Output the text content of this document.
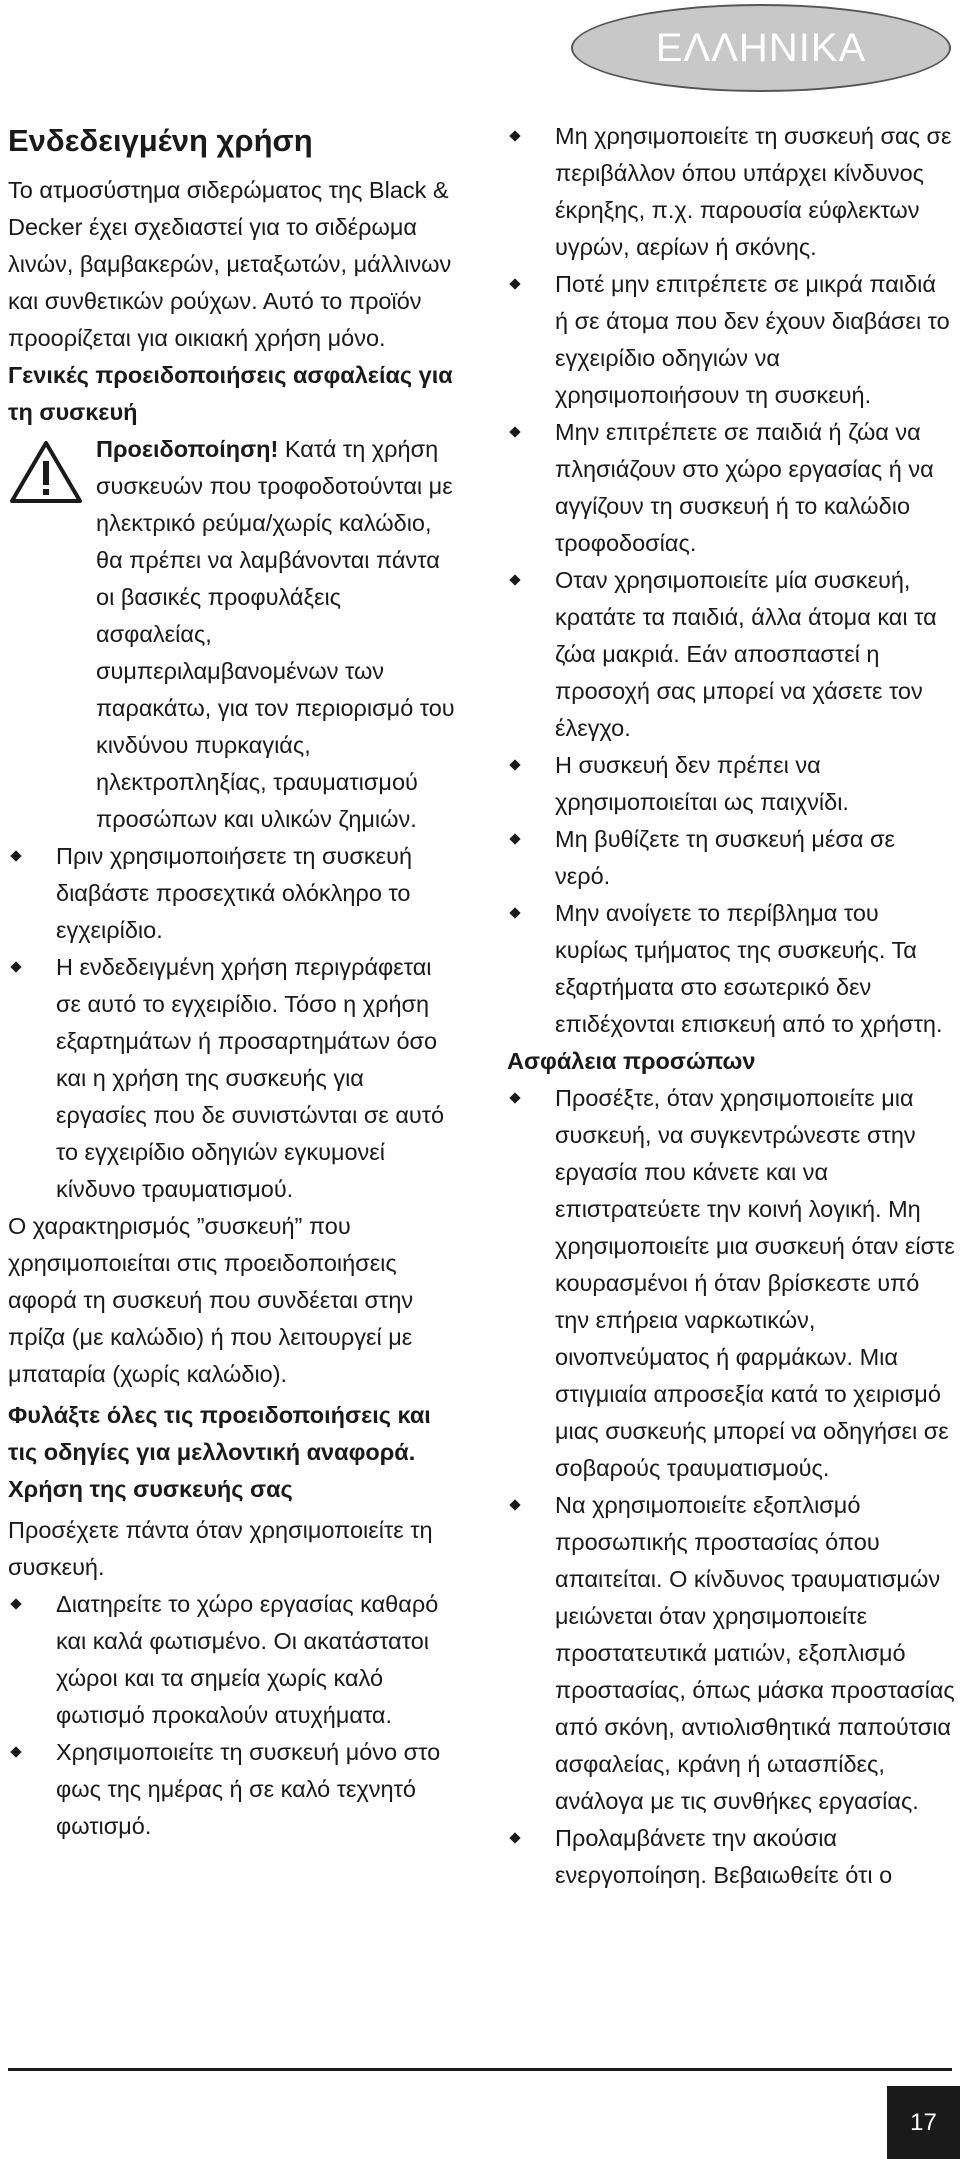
ΕΛΛΗΝΙΚΑ
Ενδεδειγμένη χρήση

Το ατμοσύστημα σιδερώματος της Black & Decker έχει σχεδιαστεί για το σιδέρωμα λινών, βαμβακερών, μεταξωτών, μάλλινων και συνθετικών ρούχων. Αυτό το προϊόν προορίζεται για οικιακή χρήση μόνο.

Γενικές προειδοποιήσεις ασφαλείας για τη συσκευή

Προειδοποίηση! Κατά τη χρήση συσκευών που τροφοδοτούνται με ηλεκτρικό ρεύμα/χωρίς καλώδιο, θα πρέπει να λαμβάνονται πάντα οι βασικές προφυλάξεις ασφαλείας, συμπεριλαμβανομένων των παρακάτω, για τον περιορισμό του κινδύνου πυρκαγιάς, ηλεκτροπληξίας, τραυματισμού προσώπων και υλικών ζημιών.

Πριν χρησιμοποιήσετε τη συσκευή διαβάστε προσεχτικά ολόκληρο το εγχειρίδιο.
Η ενδεδειγμένη χρήση περιγράφεται σε αυτό το εγχειρίδιο. Τόσο η χρήση εξαρτημάτων ή προσαρτημάτων όσο και η χρήση της συσκευής για εργασίες που δε συνιστώνται σε αυτό το εγχειρίδιο οδηγιών εγκυμονεί κίνδυνο τραυματισμού.

Ο χαρακτηρισμός ”συσκευή” που χρησιμοποιείται στις προειδοποιήσεις αφορά τη συσκευή που συνδέεται στην πρίζα (με καλώδιο) ή που λειτουργεί με μπαταρία (χωρίς καλώδιο).

Φυλάξτε όλες τις προειδοποιήσεις και τις οδηγίες για μελλοντική αναφορά.

Χρήση της συσκευής σας

Προσέχετε πάντα όταν χρησιμοποιείτε τη συσκευή.

Διατηρείτε το χώρο εργασίας καθαρό και καλά φωτισμένο. Οι ακατάστατοι χώροι και τα σημεία χωρίς καλό φωτισμό προκαλούν ατυχήματα.
Χρησιμοποιείτε τη συσκευή μόνο στο φως της ημέρας ή σε καλό τεχνητό φωτισμό.
Μη χρησιμοποιείτε τη συσκευή σας σε περιβάλλον όπου υπάρχει κίνδυνος έκρηξης, π.χ. παρουσία εύφλεκτων υγρών, αερίων ή σκόνης.
Ποτέ μην επιτρέπετε σε μικρά παιδιά ή σε άτομα που δεν έχουν διαβάσει το εγχειρίδιο οδηγιών να χρησιμοποιήσουν τη συσκευή.
Μην επιτρέπετε σε παιδιά ή ζώα να πλησιάζουν στο χώρο εργασίας ή να αγγίζουν τη συσκευή ή το καλώδιο τροφοδοσίας.
Οταν χρησιμοποιείτε μία συσκευή, κρατάτε τα παιδιά, άλλα άτομα και τα ζώα μακριά. Εάν αποσπαστεί η προσοχή σας μπορεί να χάσετε τον έλεγχο.
Η συσκευή δεν πρέπει να χρησιμοποιείται ως παιχνίδι.
Μη βυθίζετε τη συσκευή μέσα σε νερό.
Μην ανοίγετε το περίβλημα του κυρίως τμήματος της συσκευής. Τα εξαρτήματα στο εσωτερικό δεν επιδέχονται επισκευή από το χρήστη.
Ασφάλεια προσώπων
Προσέξτε, όταν χρησιμοποιείτε μια συσκευή, να συγκεντρώνεστε στην εργασία που κάνετε και να επιστρατεύετε την κοινή λογική. Μη χρησιμοποιείτε μια συσκευή όταν είστε κουρασμένοι ή όταν βρίσκεστε υπό την επήρεια ναρκωτικών, οινοπνεύματος ή φαρμάκων. Μια στιγμιαία απροσεξία κατά το χειρισμό μιας συσκευής μπορεί να οδηγήσει σε σοβαρούς τραυματισμούς.
Να χρησιμοποιείτε εξοπλισμό προσωπικής προστασίας όπου απαιτείται. Ο κίνδυνος τραυματισμών μειώνεται όταν χρησιμοποιείτε προστατευτικά ματιών, εξοπλισμό προστασίας, όπως μάσκα προστασίας από σκόνη, αντιολισθητικά παπούτσια ασφαλείας, κράνη ή ωτασπίδες, ανάλογα με τις συνθήκες εργασίας.
Προλαμβάνετε την ακούσια ενεργοποίηση. Βεβαιωθείτε ότι ο
17
